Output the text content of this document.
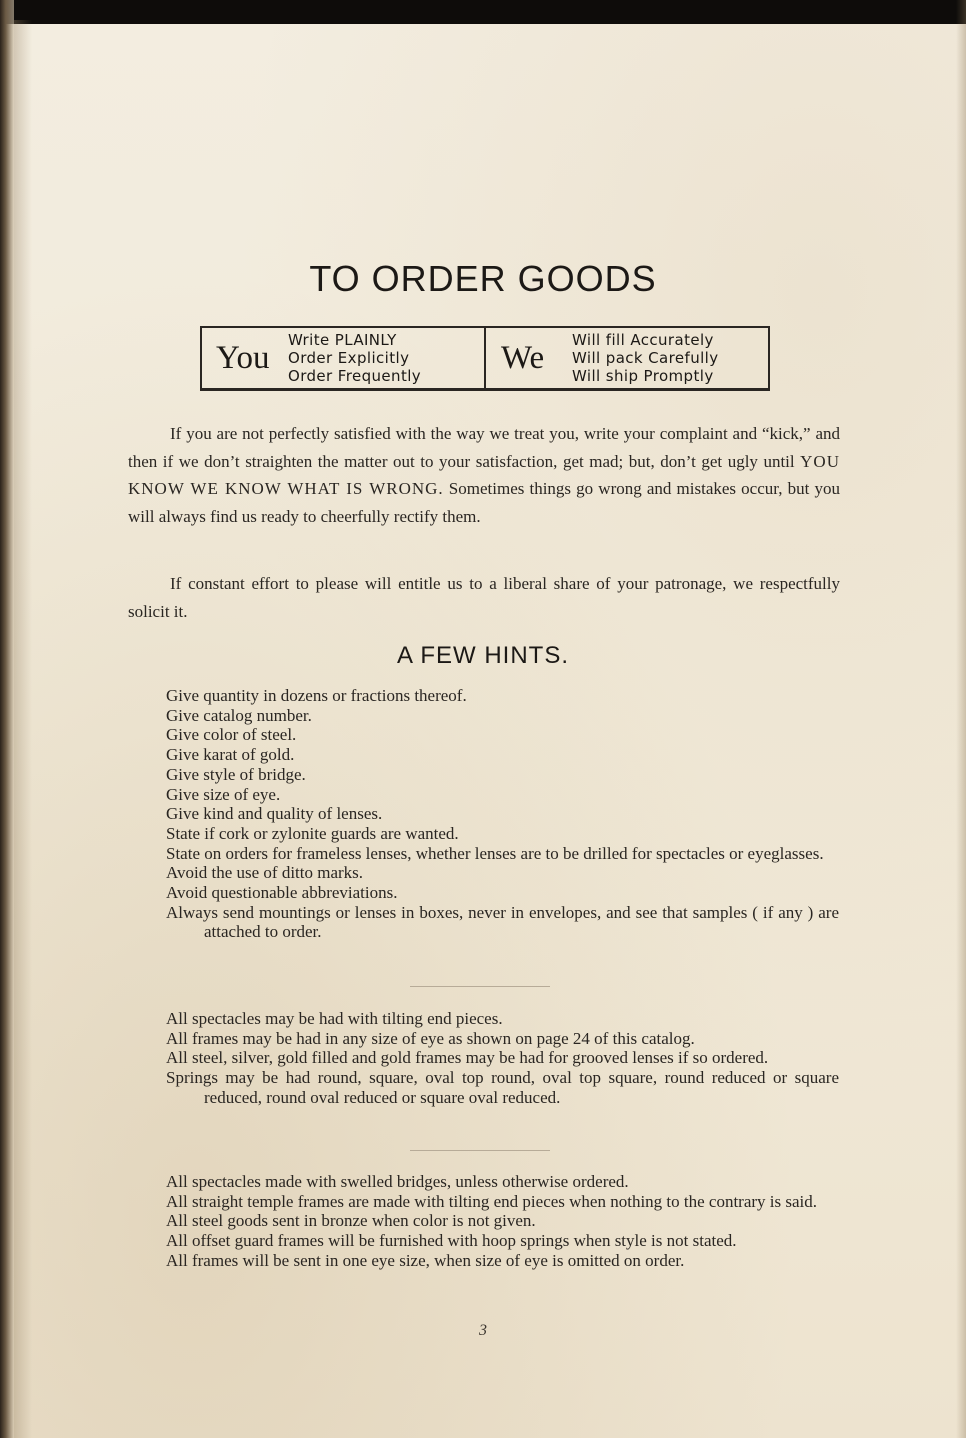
TO ORDER GOODS
You Write PLAINLY
Order Explicitly
Order Frequently We Will fill Accurately
Will pack Carefully
Will ship Promptly
If you are not perfectly satisfied with the way we treat you, write your complaint and “kick,” and then if we don’t straighten the matter out to your satisfaction, get mad; but, don’t get ugly until YOU KNOW WE KNOW WHAT IS WRONG. Sometimes things go wrong and mistakes occur, but you will always find us ready to cheerfully rectify them.
If constant effort to please will entitle us to a liberal share of your patronage, we respectfully solicit it.
A FEW HINTS.
Give quantity in dozens or fractions thereof.
Give catalog number.
Give color of steel.
Give karat of gold.
Give style of bridge.
Give size of eye.
Give kind and quality of lenses.
State if cork or zylonite guards are wanted.
State on orders for frameless lenses, whether lenses are to be drilled for spectacles or eyeglasses.
Avoid the use of ditto marks.
Avoid questionable abbreviations.
Always send mountings or lenses in boxes, never in envelopes, and see that samples ( if any ) are attached to order.
All spectacles may be had with tilting end pieces.
All frames may be had in any size of eye as shown on page 24 of this catalog.
All steel, silver, gold filled and gold frames may be had for grooved lenses if so ordered.
Springs may be had round, square, oval top round, oval top square, round reduced or square reduced, round oval reduced or square oval reduced.
All spectacles made with swelled bridges, unless otherwise ordered.
All straight temple frames are made with tilting end pieces when nothing to the contrary is said.
All steel goods sent in bronze when color is not given.
All offset guard frames will be furnished with hoop springs when style is not stated.
All frames will be sent in one eye size, when size of eye is omitted on order.
3
